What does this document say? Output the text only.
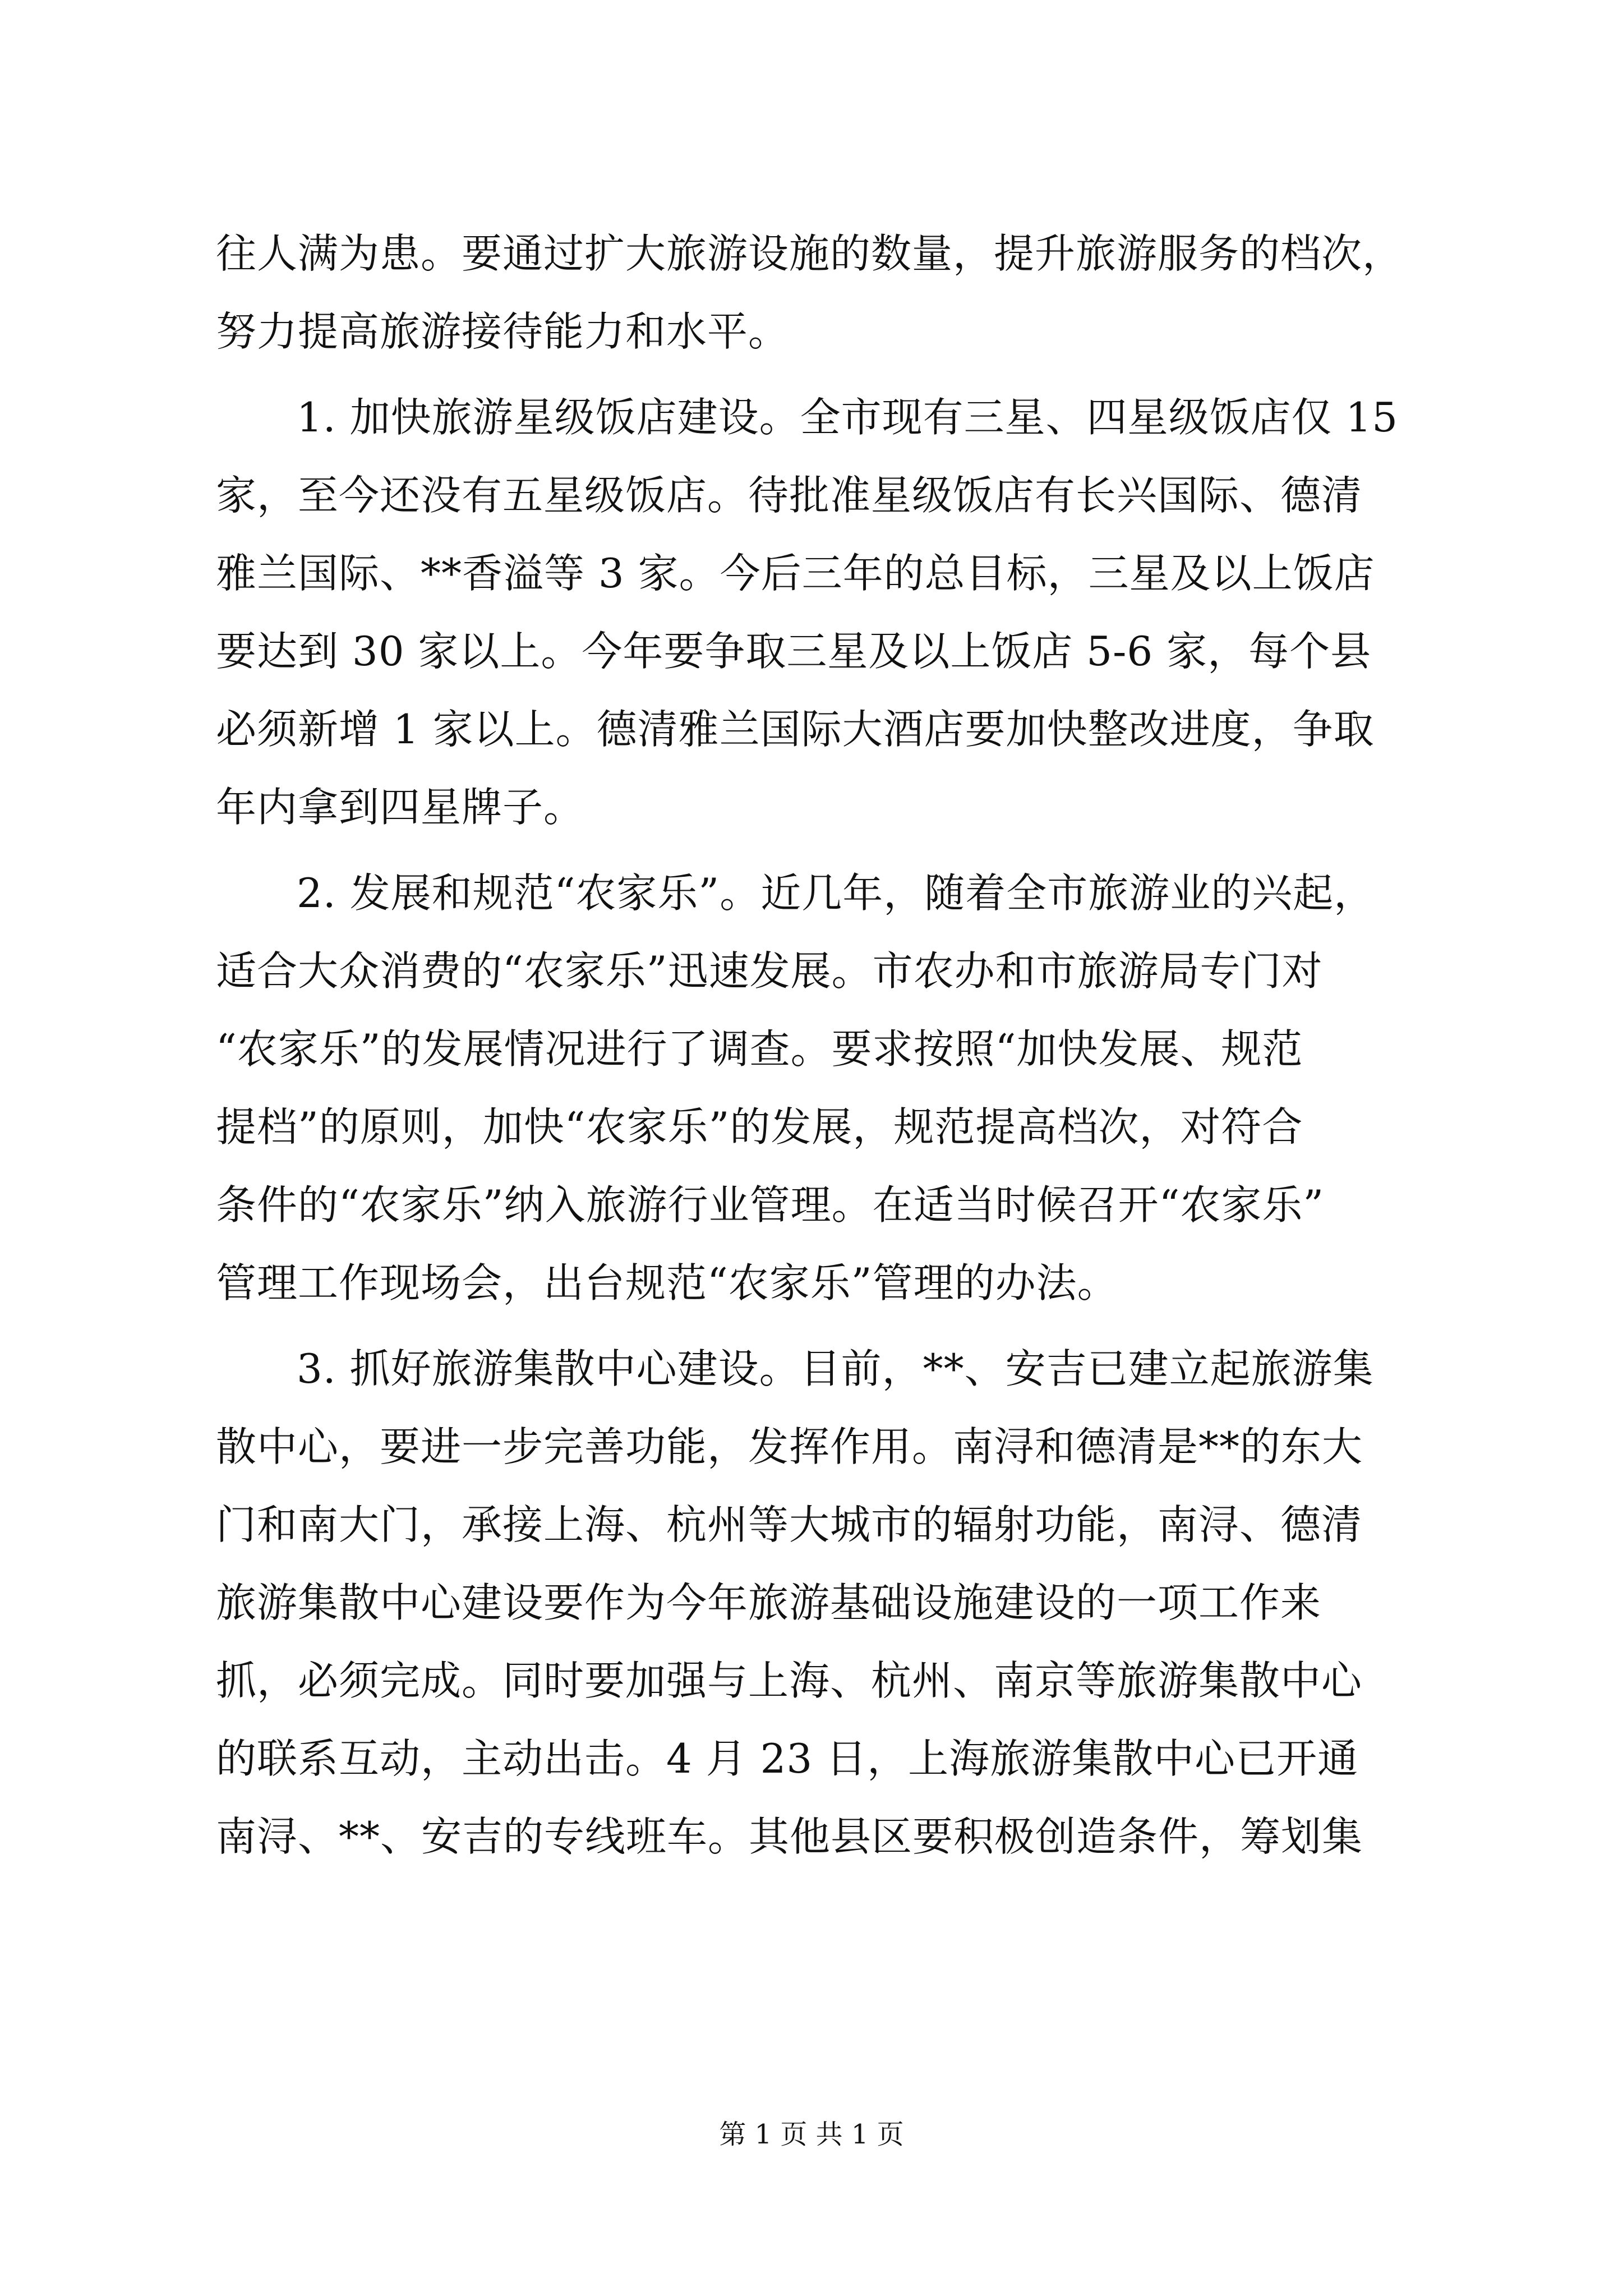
往人满为患。要通过扩大旅游设施的数量，提升旅游服务的档次，
努力提高旅游接待能力和水平。
1. 加快旅游星级饭店建设。全市现有三星、四星级饭店仅 15
家，至今还没有五星级饭店。待批准星级饭店有长兴国际、德清
雅兰国际、**香溢等 3 家。今后三年的总目标，三星及以上饭店
要达到 30 家以上。今年要争取三星及以上饭店 5-6 家，每个县
必须新增 1 家以上。德清雅兰国际大酒店要加快整改进度，争取
年内拿到四星牌子。
2. 发展和规范“农家乐”。近几年，随着全市旅游业的兴起，
适合大众消费的“农家乐”迅速发展。市农办和市旅游局专门对
“农家乐”的发展情况进行了调查。要求按照“加快发展、规范
提档”的原则，加快“农家乐”的发展，规范提高档次，对符合
条件的“农家乐”纳入旅游行业管理。在适当时候召开“农家乐”
管理工作现场会，出台规范“农家乐”管理的办法。
3. 抓好旅游集散中心建设。目前，**、安吉已建立起旅游集
散中心，要进一步完善功能，发挥作用。南浔和德清是**的东大
门和南大门，承接上海、杭州等大城市的辐射功能，南浔、德清
旅游集散中心建设要作为今年旅游基础设施建设的一项工作来
抓，必须完成。同时要加强与上海、杭州、南京等旅游集散中心
的联系互动，主动出击。4 月 23 日，上海旅游集散中心已开通
南浔、**、安吉的专线班车。其他县区要积极创造条件，筹划集
第 1 页 共 1 页
